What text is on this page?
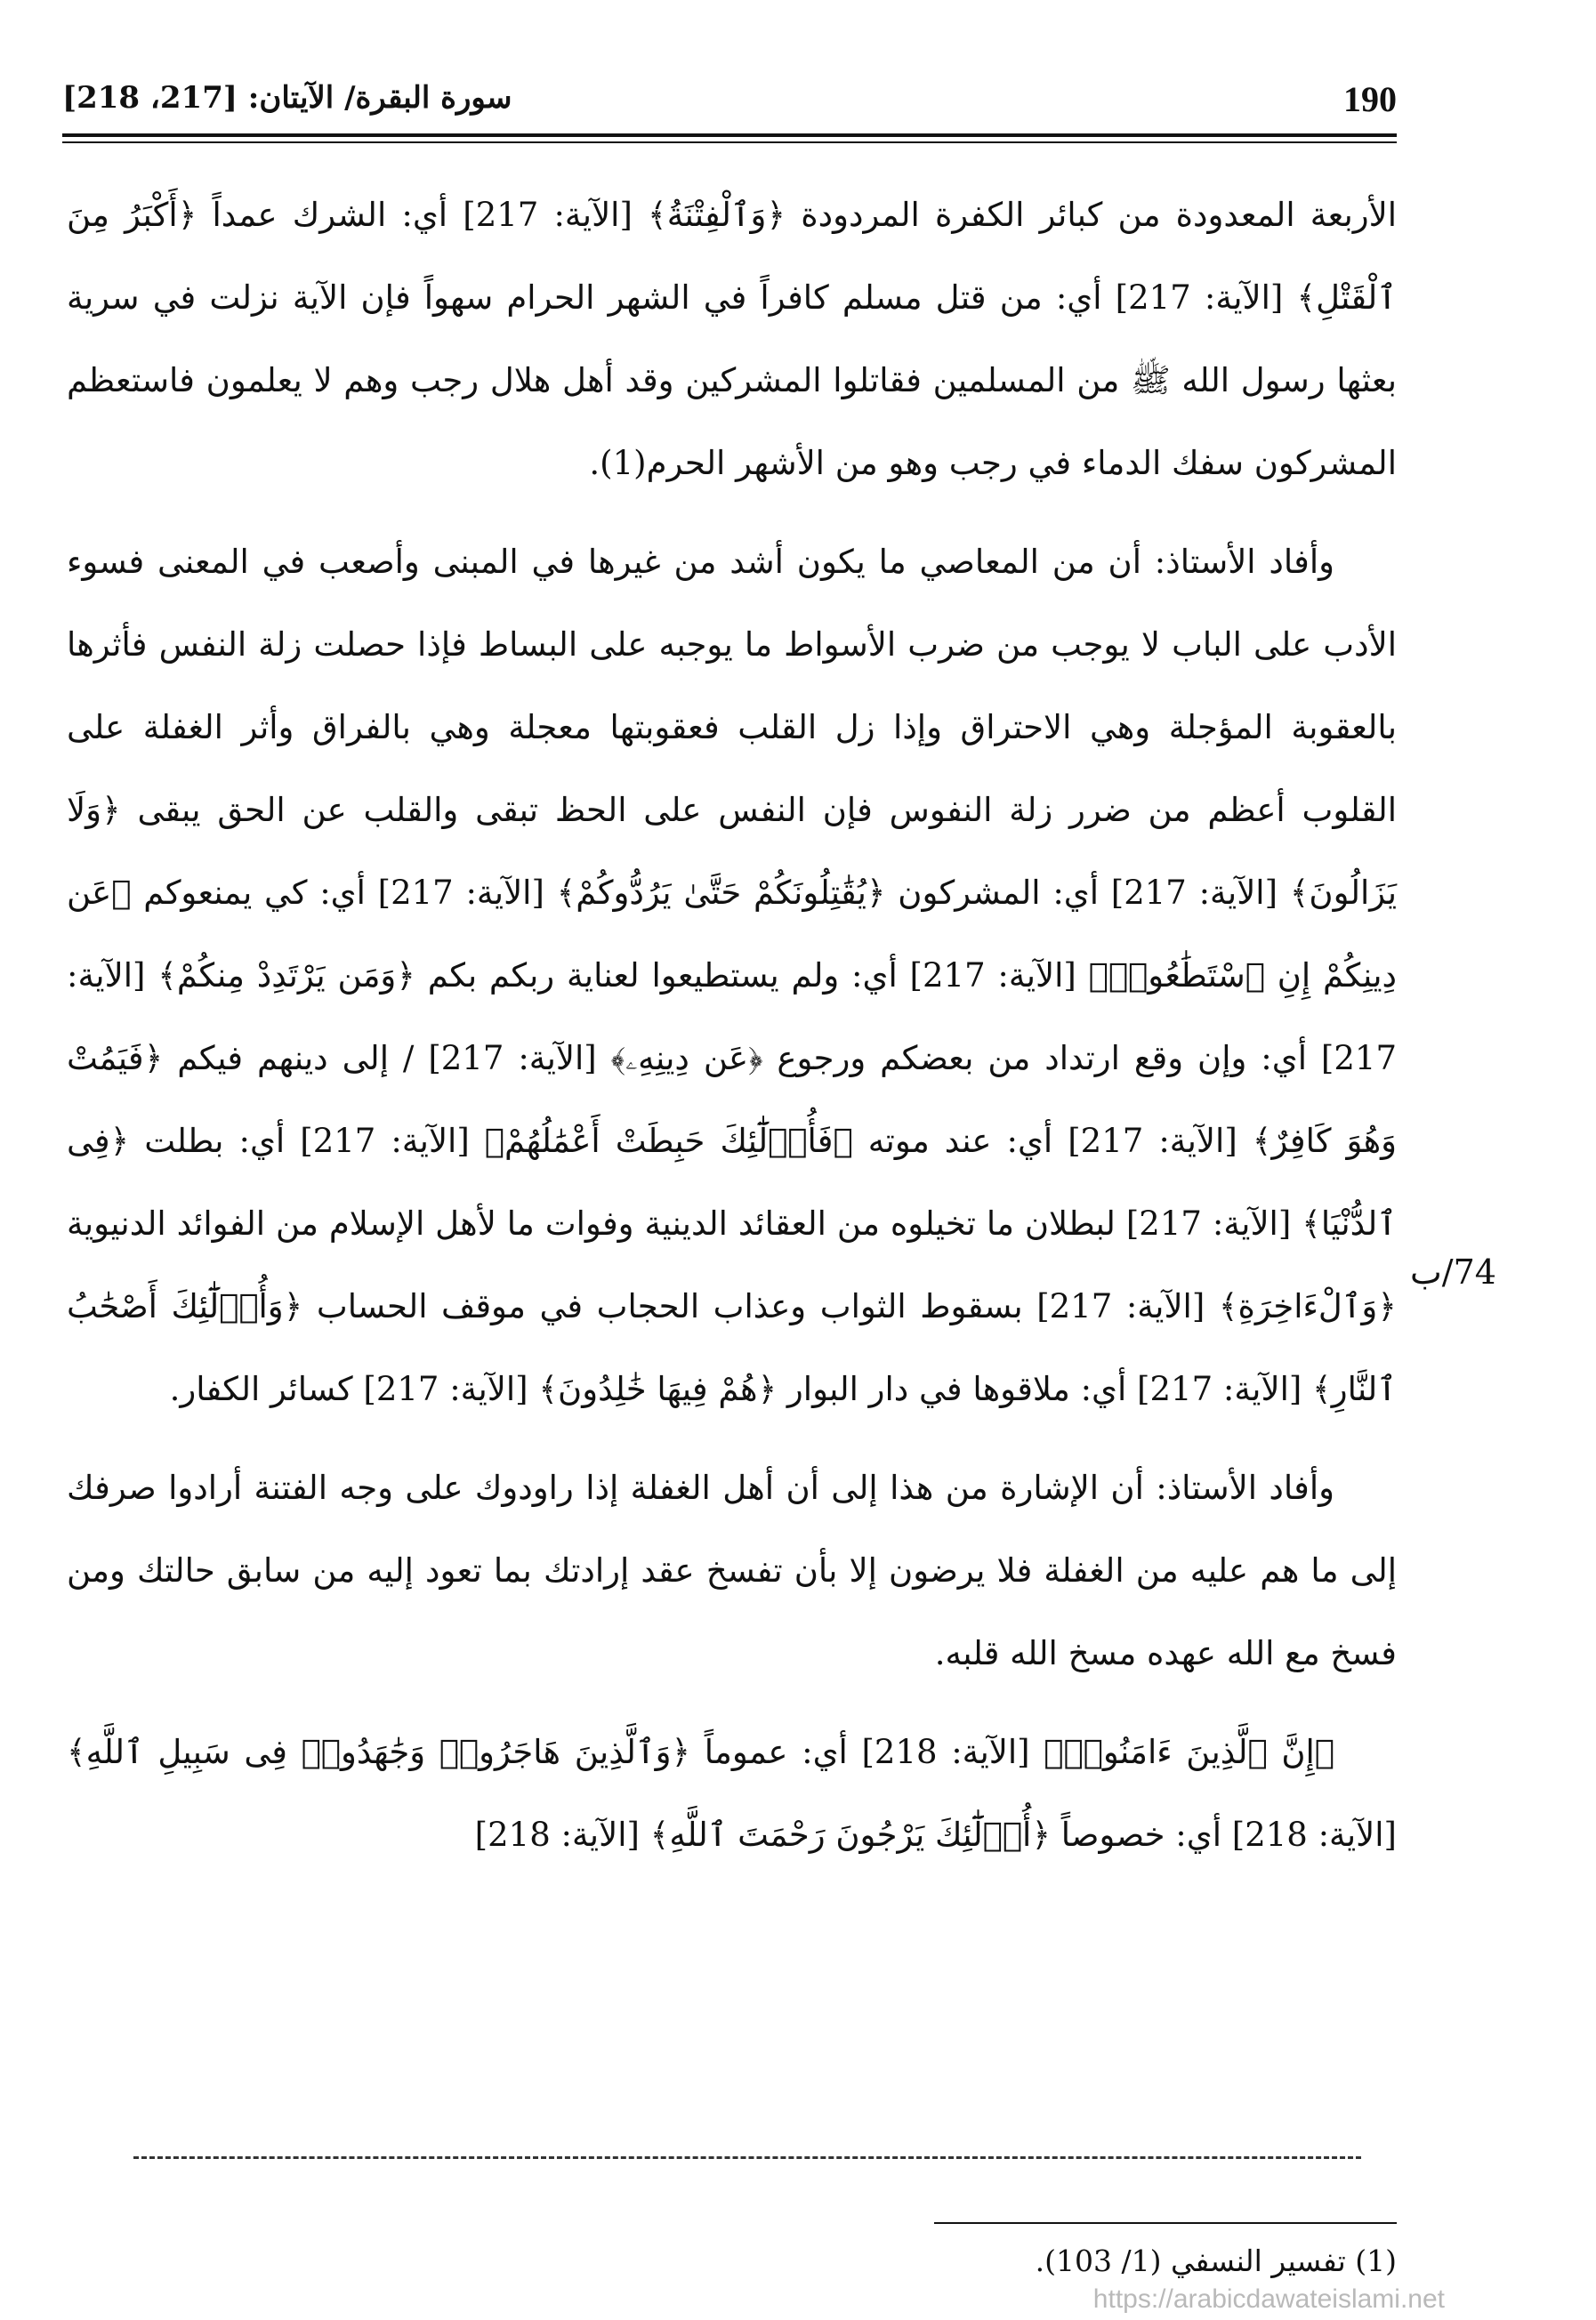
190
سورة البقرة/ الآيتان: [217، 218]

الأربعة المعدودة من كبائر الكفرة المردودة ﴿وَٱلْفِتْنَةُ﴾ [الآية: 217] أي: الشرك عمداً ﴿أَكْبَرُ مِنَ ٱلْقَتْلِ﴾ [الآية: 217] أي: من قتل مسلم كافراً في الشهر الحرام سهواً فإن الآية نزلت في سرية بعثها رسول الله ﷺ من المسلمين فقاتلوا المشركين وقد أهل هلال رجب وهم لا يعلمون فاستعظم المشركون سفك الدماء في رجب وهو من الأشهر الحرم(1).

وأفاد الأستاذ: أن من المعاصي ما يكون أشد من غيرها في المبنى وأصعب في المعنى فسوء الأدب على الباب لا يوجب من ضرب الأسواط ما يوجبه على البساط فإذا حصلت زلة النفس فأثرها بالعقوبة المؤجلة وهي الاحتراق وإذا زل القلب فعقوبتها معجلة وهي بالفراق وأثر الغفلة على القلوب أعظم من ضرر زلة النفوس فإن النفس على الحظ تبقى والقلب عن الحق يبقى ﴿وَلَا يَزَالُونَ﴾ [الآية: 217] أي: المشركون ﴿يُقَٰتِلُونَكُمْ حَتَّىٰ يَرُدُّوكُمْ﴾ [الآية: 217] أي: كي يمنعوكم ﴿عَن دِينِكُمْ إِنِ ٱسْتَطَٰعُوا۟﴾ [الآية: 217] أي: ولم يستطيعوا لعناية ربكم بكم ﴿وَمَن يَرْتَدِدْ مِنكُمْ﴾ [الآية: 217] أي: وإن وقع ارتداد من بعضكم ورجوع ﴿عَن دِينِهِۦ﴾ [الآية: 217] / إلى دينهم فيكم ﴿فَيَمُتْ وَهُوَ كَافِرٌ﴾ [الآية: 217] أي: عند موته ﴿فَأُو۟لَٰٓئِكَ حَبِطَتْ أَعْمَٰلُهُمْ﴾ [الآية: 217] أي: بطلت ﴿فِى ٱلدُّنْيَا﴾ [الآية: 217] لبطلان ما تخيلوه من العقائد الدينية وفوات ما لأهل الإسلام من الفوائد الدنيوية ﴿وَٱلْءَاخِرَةِ﴾ [الآية: 217] بسقوط الثواب وعذاب الحجاب في موقف الحساب ﴿وَأُو۟لَٰٓئِكَ أَصْحَٰبُ ٱلنَّارِ﴾ [الآية: 217] أي: ملاقوها في دار البوار ﴿هُمْ فِيهَا خَٰلِدُونَ﴾ [الآية: 217] كسائر الكفار.

وأفاد الأستاذ: أن الإشارة من هذا إلى أن أهل الغفلة إذا راودوك على وجه الفتنة أرادوا صرفك إلى ما هم عليه من الغفلة فلا يرضون إلا بأن تفسخ عقد إرادتك بما تعود إليه من سابق حالتك ومن فسخ مع الله عهده مسخ الله قلبه.

﴿إِنَّ ٱلَّذِينَ ءَامَنُوا۟﴾ [الآية: 218] أي: عموماً ﴿وَٱلَّذِينَ هَاجَرُوا۟ وَجَٰهَدُوا۟ فِى سَبِيلِ ٱللَّهِ﴾ [الآية: 218] أي: خصوصاً ﴿أُو۟لَٰٓئِكَ يَرْجُونَ رَحْمَتَ ٱللَّهِ﴾ [الآية: 218]

74/ب
(1) تفسير النسفي (1/ 103).
https://arabicdawateislami.net
